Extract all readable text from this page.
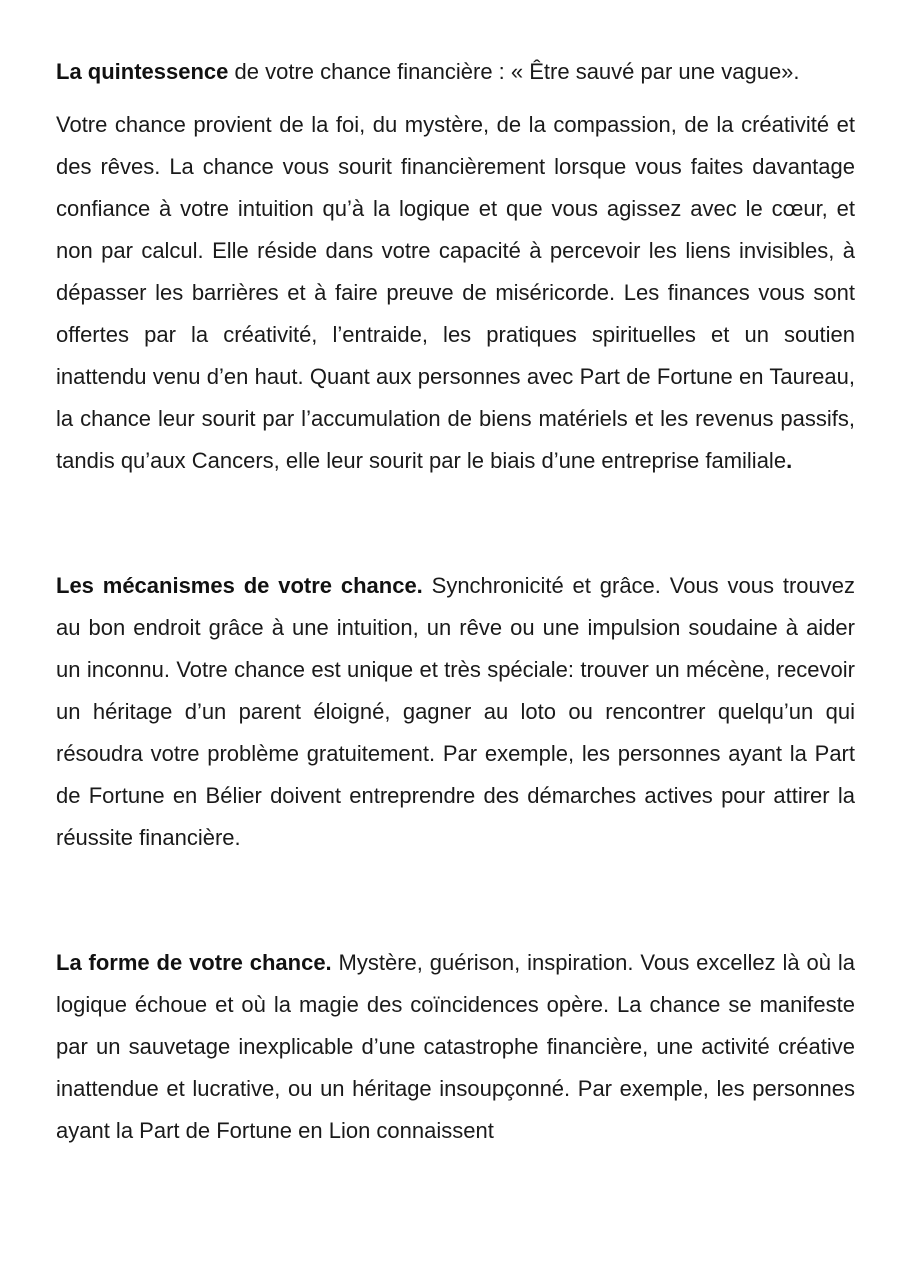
La quintessence de votre chance financière : « Être sauvé par une vague».

Votre chance provient de la foi, du mystère, de la compassion, de la créativité et des rêves. La chance vous sourit financièrement lorsque vous faites davantage confiance à votre intuition qu’à la logique et que vous agissez avec le cœur, et non par calcul. Elle réside dans votre capacité à percevoir les liens invisibles, à dépasser les barrières et à faire preuve de miséricorde. Les finances vous sont offertes par la créativité, l’entraide, les pratiques spirituelles et un soutien inattendu venu d’en haut. Quant aux personnes avec Part de Fortune en Taureau, la chance leur sourit par l’accumulation de biens matériels et les revenus passifs, tandis qu’aux Cancers, elle leur sourit par le biais d’une entreprise familiale.

Les mécanismes de votre chance. Synchronicité et grâce. Vous vous trouvez au bon endroit grâce à une intuition, un rêve ou une impulsion soudaine à aider un inconnu. Votre chance est unique et très spéciale: trouver un mécène, recevoir un héritage d’un parent éloigné, gagner au loto ou rencontrer quelqu’un qui résoudra votre problème gratuitement. Par exemple, les personnes ayant la Part de Fortune en Bélier doivent entreprendre des démarches actives pour attirer la réussite financière.

La forme de votre chance. Mystère, guérison, inspiration. Vous excellez là où la logique échoue et où la magie des coïncidences opère. La chance se manifeste par un sauvetage inexplicable d’une catastrophe financière, une activité créative inattendue et lucrative, ou un héritage insoupçonné. Par exemple, les personnes ayant la Part de Fortune en Lion connaissent
